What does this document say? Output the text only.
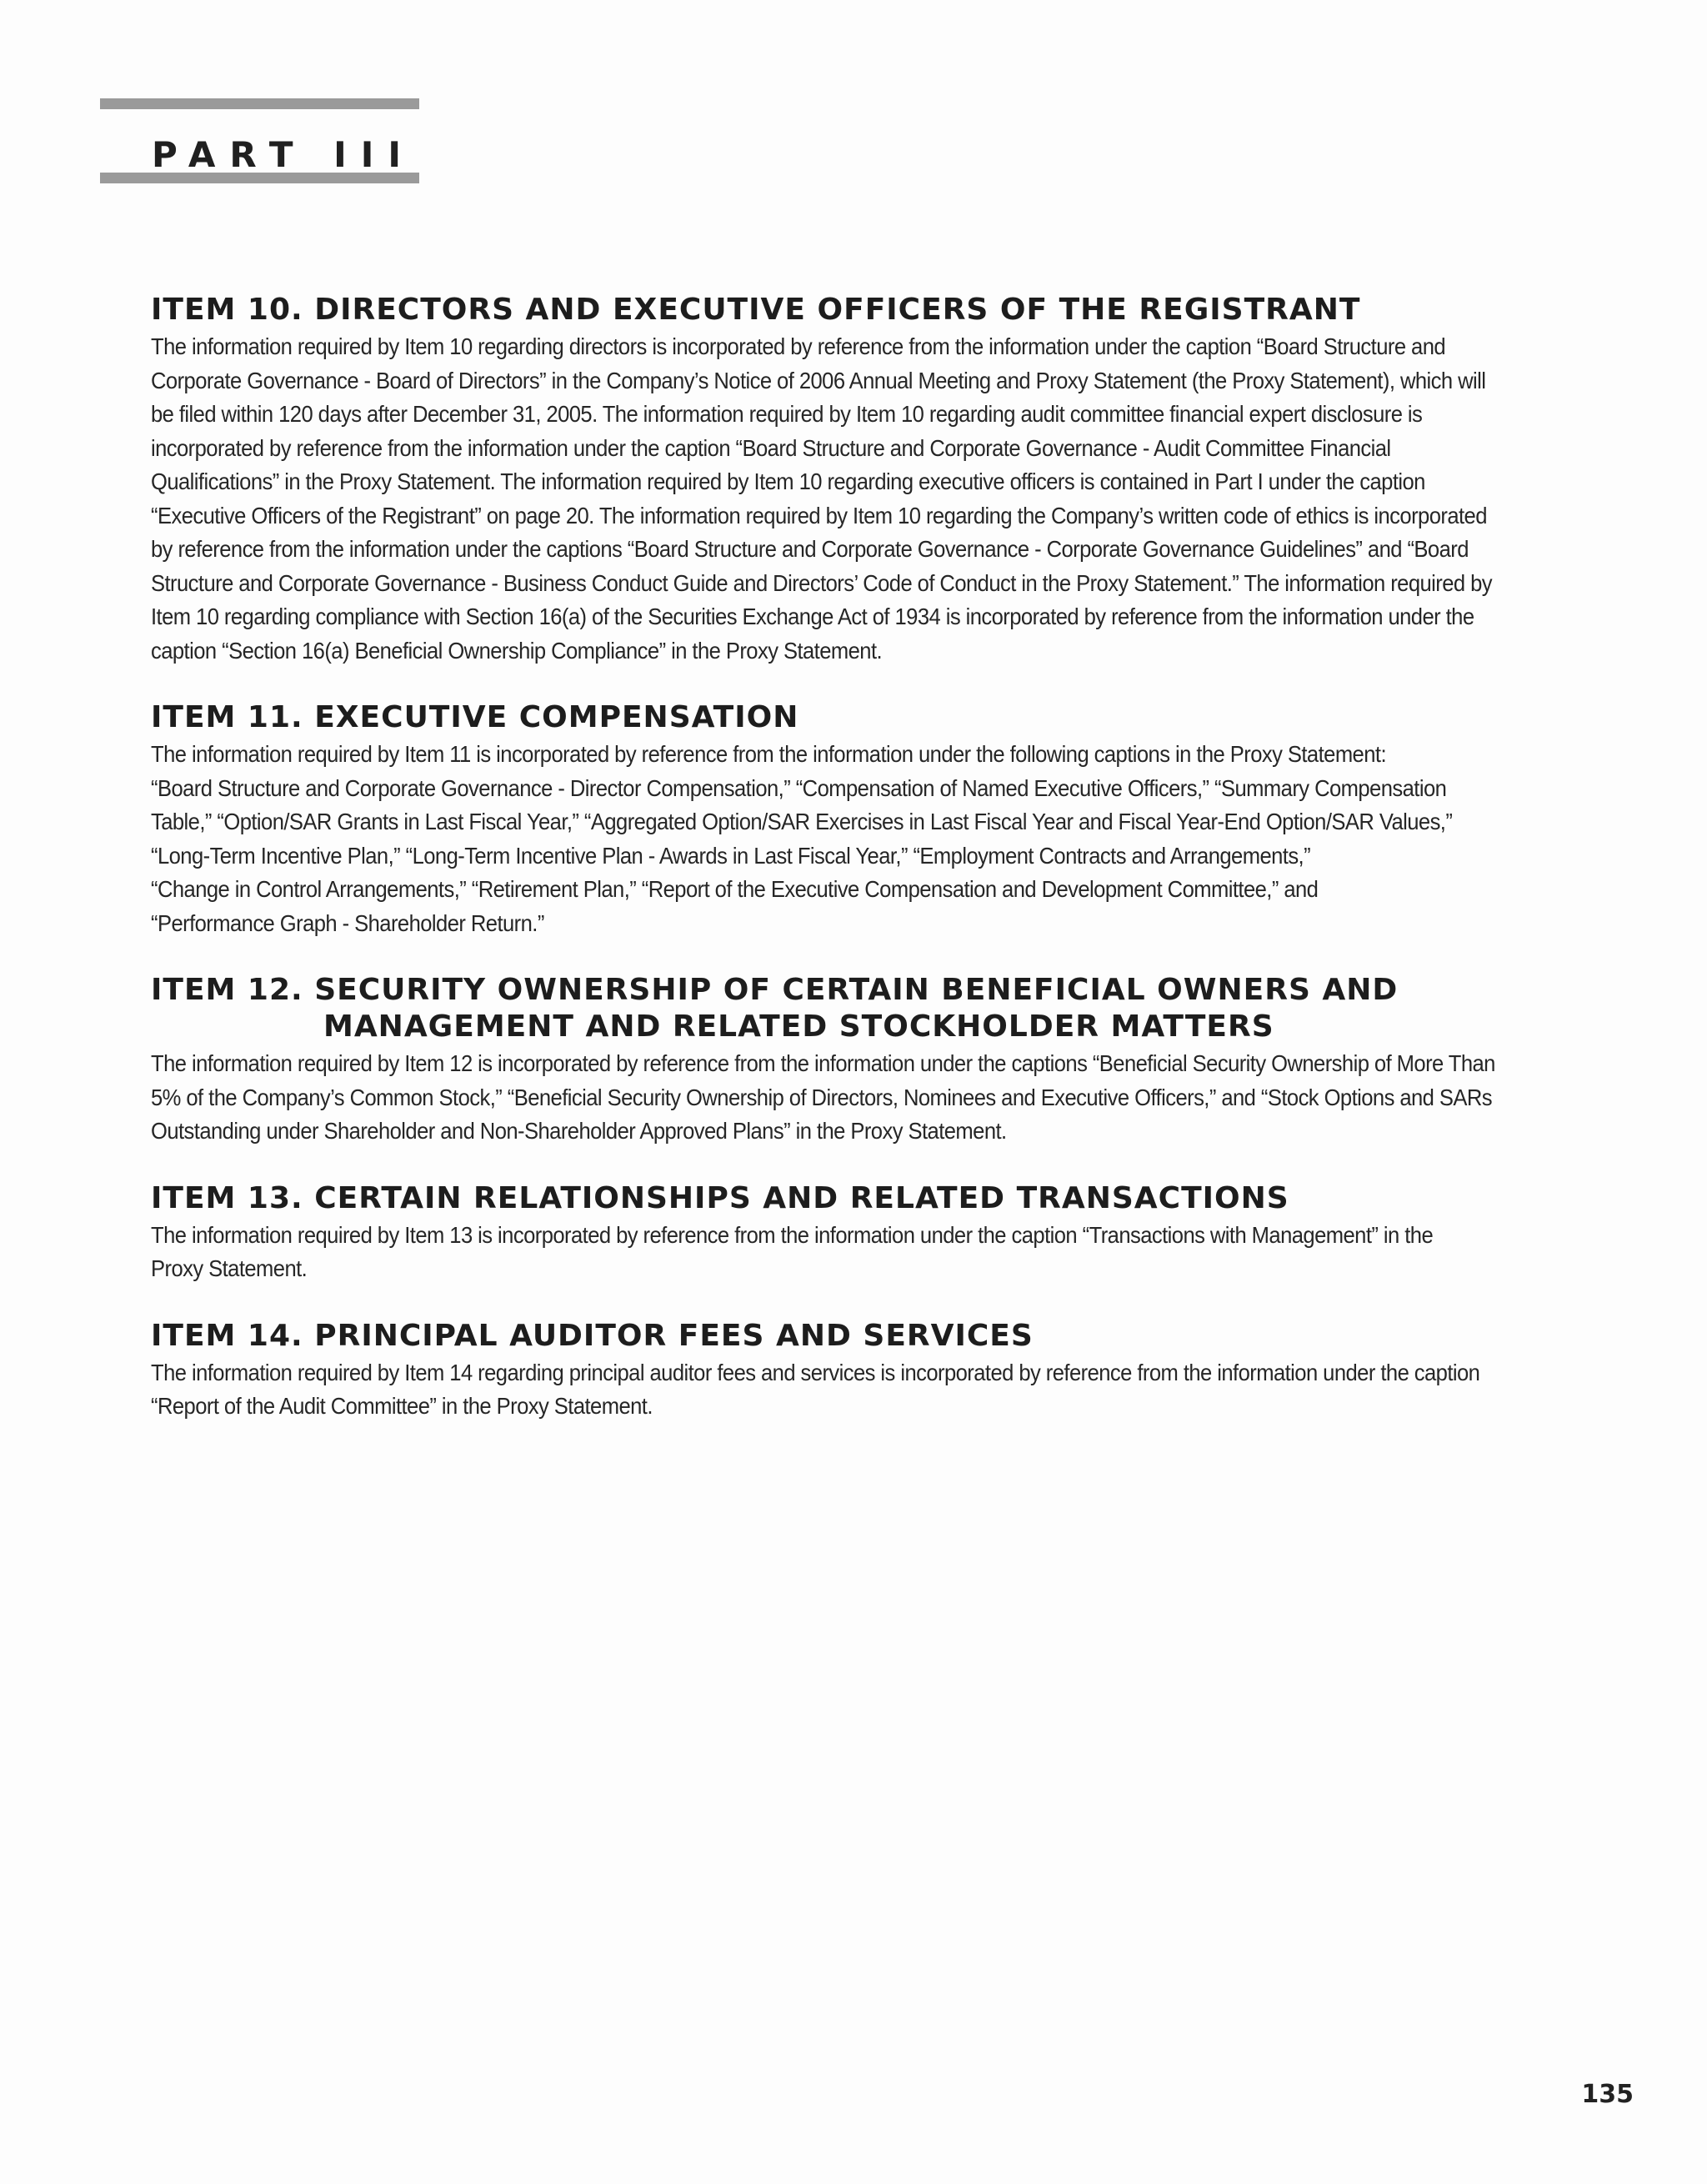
PART III
ITEM 10. DIRECTORS AND EXECUTIVE OFFICERS OF THE REGISTRANT

The information required by Item 10 regarding directors is incorporated by reference from the information under the caption “Board Structure and
Corporate Governance - Board of Directors” in the Company’s Notice of 2006 Annual Meeting and Proxy Statement (the Proxy Statement), which will
be filed within 120 days after December 31, 2005. The information required by Item 10 regarding audit committee financial expert disclosure is
incorporated by reference from the information under the caption “Board Structure and Corporate Governance - Audit Committee Financial
Qualifications” in the Proxy Statement. The information required by Item 10 regarding executive officers is contained in Part I under the caption
“Executive Officers of the Registrant” on page 20. The information required by Item 10 regarding the Company’s written code of ethics is incorporated
by reference from the information under the captions “Board Structure and Corporate Governance - Corporate Governance Guidelines” and “Board
Structure and Corporate Governance - Business Conduct Guide and Directors’ Code of Conduct in the Proxy Statement.” The information required by
Item 10 regarding compliance with Section 16(a) of the Securities Exchange Act of 1934 is incorporated by reference from the information under the
caption “Section 16(a) Beneficial Ownership Compliance” in the Proxy Statement.

ITEM 11. EXECUTIVE COMPENSATION

The information required by Item 11 is incorporated by reference from the information under the following captions in the Proxy Statement:
“Board Structure and Corporate Governance - Director Compensation,” “Compensation of Named Executive Officers,” “Summary Compensation
Table,” “Option/SAR Grants in Last Fiscal Year,” “Aggregated Option/SAR Exercises in Last Fiscal Year and Fiscal Year-End Option/SAR Values,”
“Long-Term Incentive Plan,” “Long-Term Incentive Plan - Awards in Last Fiscal Year,” “Employment Contracts and Arrangements,”
“Change in Control Arrangements,” “Retirement Plan,” “Report of the Executive Compensation and Development Committee,” and
“Performance Graph - Shareholder Return.”

ITEM 12. SECURITY OWNERSHIP OF CERTAIN BENEFICIAL OWNERS AND
MANAGEMENT AND RELATED STOCKHOLDER MATTERS

The information required by Item 12 is incorporated by reference from the information under the captions “Beneficial Security Ownership of More Than
5% of the Company’s Common Stock,” “Beneficial Security Ownership of Directors, Nominees and Executive Officers,” and “Stock Options and SARs
Outstanding under Shareholder and Non-Shareholder Approved Plans” in the Proxy Statement.

ITEM 13. CERTAIN RELATIONSHIPS AND RELATED TRANSACTIONS

The information required by Item 13 is incorporated by reference from the information under the caption “Transactions with Management” in the
Proxy Statement.

ITEM 14. PRINCIPAL AUDITOR FEES AND SERVICES

The information required by Item 14 regarding principal auditor fees and services is incorporated by reference from the information under the caption
“Report of the Audit Committee” in the Proxy Statement.

135
